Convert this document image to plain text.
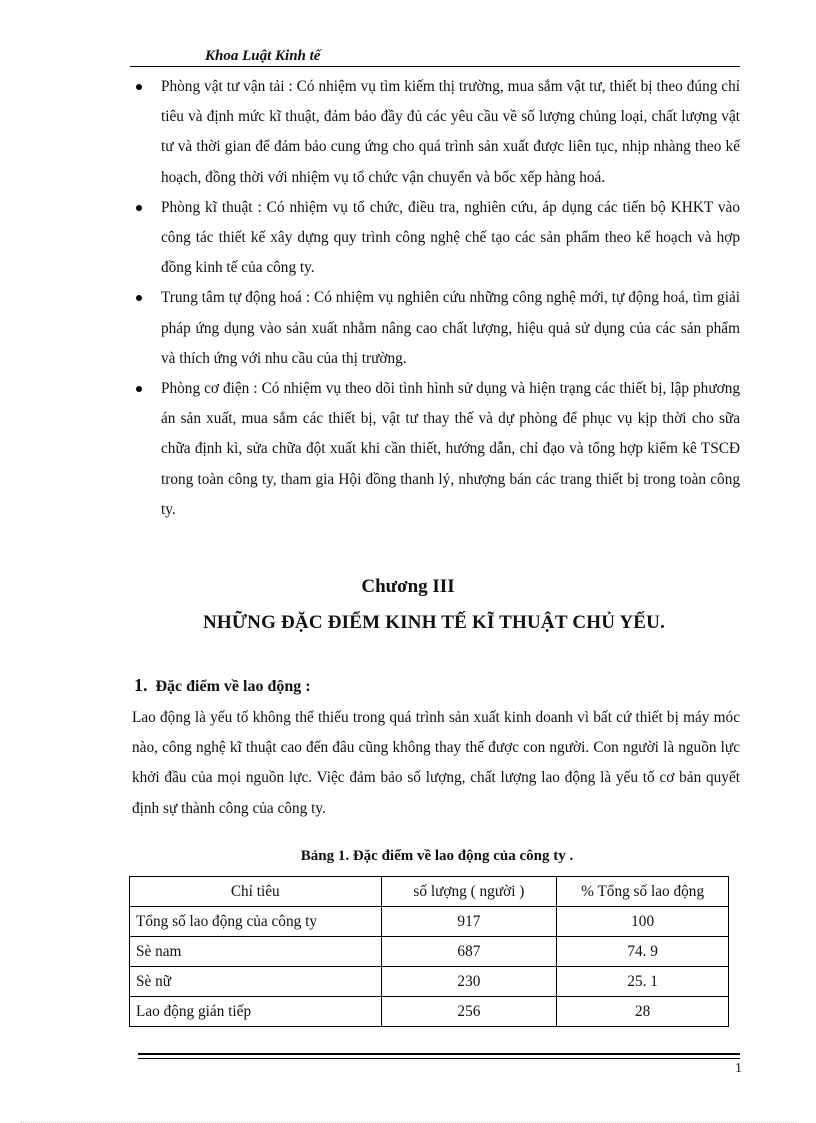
Khoa Luật Kinh tế
Phòng vật tư vận tải : Có nhiệm vụ tìm kiếm thị trường, mua sắm vật tư, thiết bị theo đúng chỉ tiêu và định mức kĩ thuật, đảm bảo đầy đủ các yêu cầu về số lượng chủng loại, chất lượng vật tư và thời gian để đảm bảo cung ứng cho quá trình sản xuất được liên tục, nhịp nhàng theo kế hoạch, đồng thời với nhiệm vụ tổ chức vận chuyển và bốc xếp hàng hoá.
Phòng kĩ thuật : Có nhiệm vụ tổ chức, điều tra, nghiên cứu, áp dụng các tiến bộ KHKT vào công tác thiết kế xây dựng quy trình công nghệ chế tạo các sản phẩm theo kế hoạch và hợp đồng kinh tế của công ty.
Trung tâm tự động hoá : Có nhiệm vụ nghiên cứu những công nghệ mới, tự động hoá, tìm giải pháp ứng dụng vào sản xuất nhằm nâng cao chất lượng, hiệu quả sử dụng của các sản phẩm và thích ứng với nhu cầu của thị trường.
Phòng cơ điện : Có nhiệm vụ theo dõi tình hình sử dụng và hiện trạng các thiết bị, lập phương án sản xuất, mua sắm các thiết bị, vật tư thay thế và dự phòng để phục vụ kịp thời cho sữa chữa định kì, sửa chữa đột xuất khi cần thiết, hướng dẫn, chỉ đạo và tổng hợp kiểm kê TSCĐ trong toàn công ty, tham gia Hội đồng thanh lý, nhượng bán các trang thiết bị trong toàn công ty.
Chương III
NHỮNG ĐẶC ĐIỂM KINH TẾ KĨ THUẬT CHỦ YẾU.
1. Đặc điểm về lao động :
Lao động là yếu tố không thể thiếu trong quá trình sản xuất kinh doanh vì bất cứ thiết bị máy móc nào, công nghệ kĩ thuật cao đến đâu cũng không thay thế được con người. Con người là nguồn lực khởi đầu của mọi nguồn lực. Việc đảm bảo số lượng, chất lượng lao động là yếu tố cơ bản quyết định sự thành công của công ty.
Bảng 1. Đặc điểm về lao động của công ty .
Chỉ tiêu	số lượng ( người )	% Tổng số lao động
Tổng số lao động của công ty	917	100
Sè nam	687	74. 9
Sè nữ	230	25. 1
Lao động gián tiếp	256	28
1
